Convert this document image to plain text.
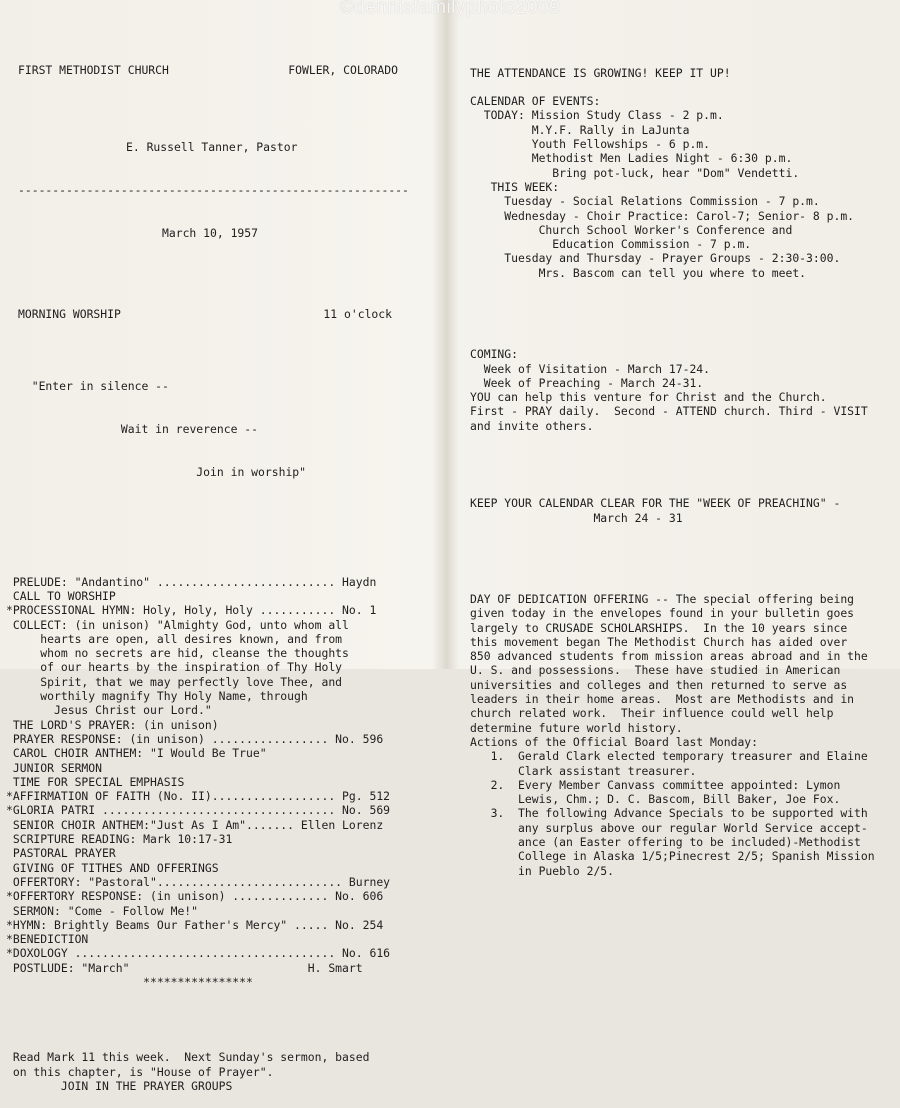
©dennisfamilyphoto2009

FIRST METHODIST CHURCH	FOWLER, COLORADO

E. Russell Tanner, Pastor

---------------------------------------------------------

March 10, 1957

MORNING WORSHIP	11 o'clock

"Enter in silence --

Wait in reverence --

Join in worship"

PRELUDE: "Andantino" .......................... Haydn
CALL TO WORSHIP
*PROCESSIONAL HYMN: Holy, Holy, Holy ........... No. 1
COLLECT: (in unison) "Almighty God, unto whom all
hearts are open, all desires known, and from
whom no secrets are hid, cleanse the thoughts
of our hearts by the inspiration of Thy Holy
Spirit, that we may perfectly love Thee, and
worthily magnify Thy Holy Name, through
Jesus Christ our Lord."
THE LORD'S PRAYER: (in unison)
PRAYER RESPONSE: (in unison) ................. No. 596
CAROL CHOIR ANTHEM: "I Would Be True"
JUNIOR SERMON
TIME FOR SPECIAL EMPHASIS
*AFFIRMATION OF FAITH (No. II).................. Pg. 512
*GLORIA PATRI .................................. No. 569
SENIOR CHOIR ANTHEM:"Just As I Am"....... Ellen Lorenz
SCRIPTURE READING: Mark 10:17-31
PASTORAL PRAYER
GIVING OF TITHES AND OFFERINGS
OFFERTORY: "Pastoral"........................... Burney
*OFFERTORY RESPONSE: (in unison) .............. No. 606
SERMON: "Come - Follow Me!"
*HYMN: Brightly Beams Our Father's Mercy" ..... No. 254
*BENEDICTION
*DOXOLOGY ...................................... No. 616
POSTLUDE: "March"                          H. Smart
****************

Read Mark 11 this week.  Next Sunday's sermon, based
on this chapter, is "House of Prayer".
JOIN IN THE PRAYER GROUPS

THE ATTENDANCE IS GROWING! KEEP IT UP!
CALENDAR OF EVENTS:
TODAY: Mission Study Class - 2 p.m.
M.Y.F. Rally in LaJunta
Youth Fellowships - 6 p.m.
Methodist Men Ladies Night - 6:30 p.m.
Bring pot-luck, hear "Dom" Vendetti.
THIS WEEK:
Tuesday - Social Relations Commission - 7 p.m.
Wednesday - Choir Practice: Carol-7; Senior- 8 p.m.
Church School Worker's Conference and
Education Commission - 7 p.m.
Tuesday and Thursday - Prayer Groups - 2:30-3:00.
Mrs. Bascom can tell you where to meet.

COMING:
Week of Visitation - March 17-24.
Week of Preaching - March 24-31.
YOU can help this venture for Christ and the Church.
First - PRAY daily.  Second - ATTEND church. Third - VISIT
and invite others.

KEEP YOUR CALENDAR CLEAR FOR THE "WEEK OF PREACHING" -
March 24 - 31

DAY OF DEDICATION OFFERING -- The special offering being
given today in the envelopes found in your bulletin goes
largely to CRUSADE SCHOLARSHIPS.  In the 10 years since
this movement began The Methodist Church has aided over
850 advanced students from mission areas abroad and in the
U. S. and possessions.  These have studied in American
universities and colleges and then returned to serve as
leaders in their home areas.  Most are Methodists and in
church related work.  Their influence could well help
determine future world history.
Actions of the Official Board last Monday:
1.  Gerald Clark elected temporary treasurer and Elaine
Clark assistant treasurer.
2.  Every Member Canvass committee appointed: Lymon
Lewis, Chm.; D. C. Bascom, Bill Baker, Joe Fox.
3.  The following Advance Specials to be supported with
any surplus above our regular World Service accept-
ance (an Easter offering to be included)-Methodist
College in Alaska 1/5;Pinecrest 2/5; Spanish Mission
in Pueblo 2/5.
